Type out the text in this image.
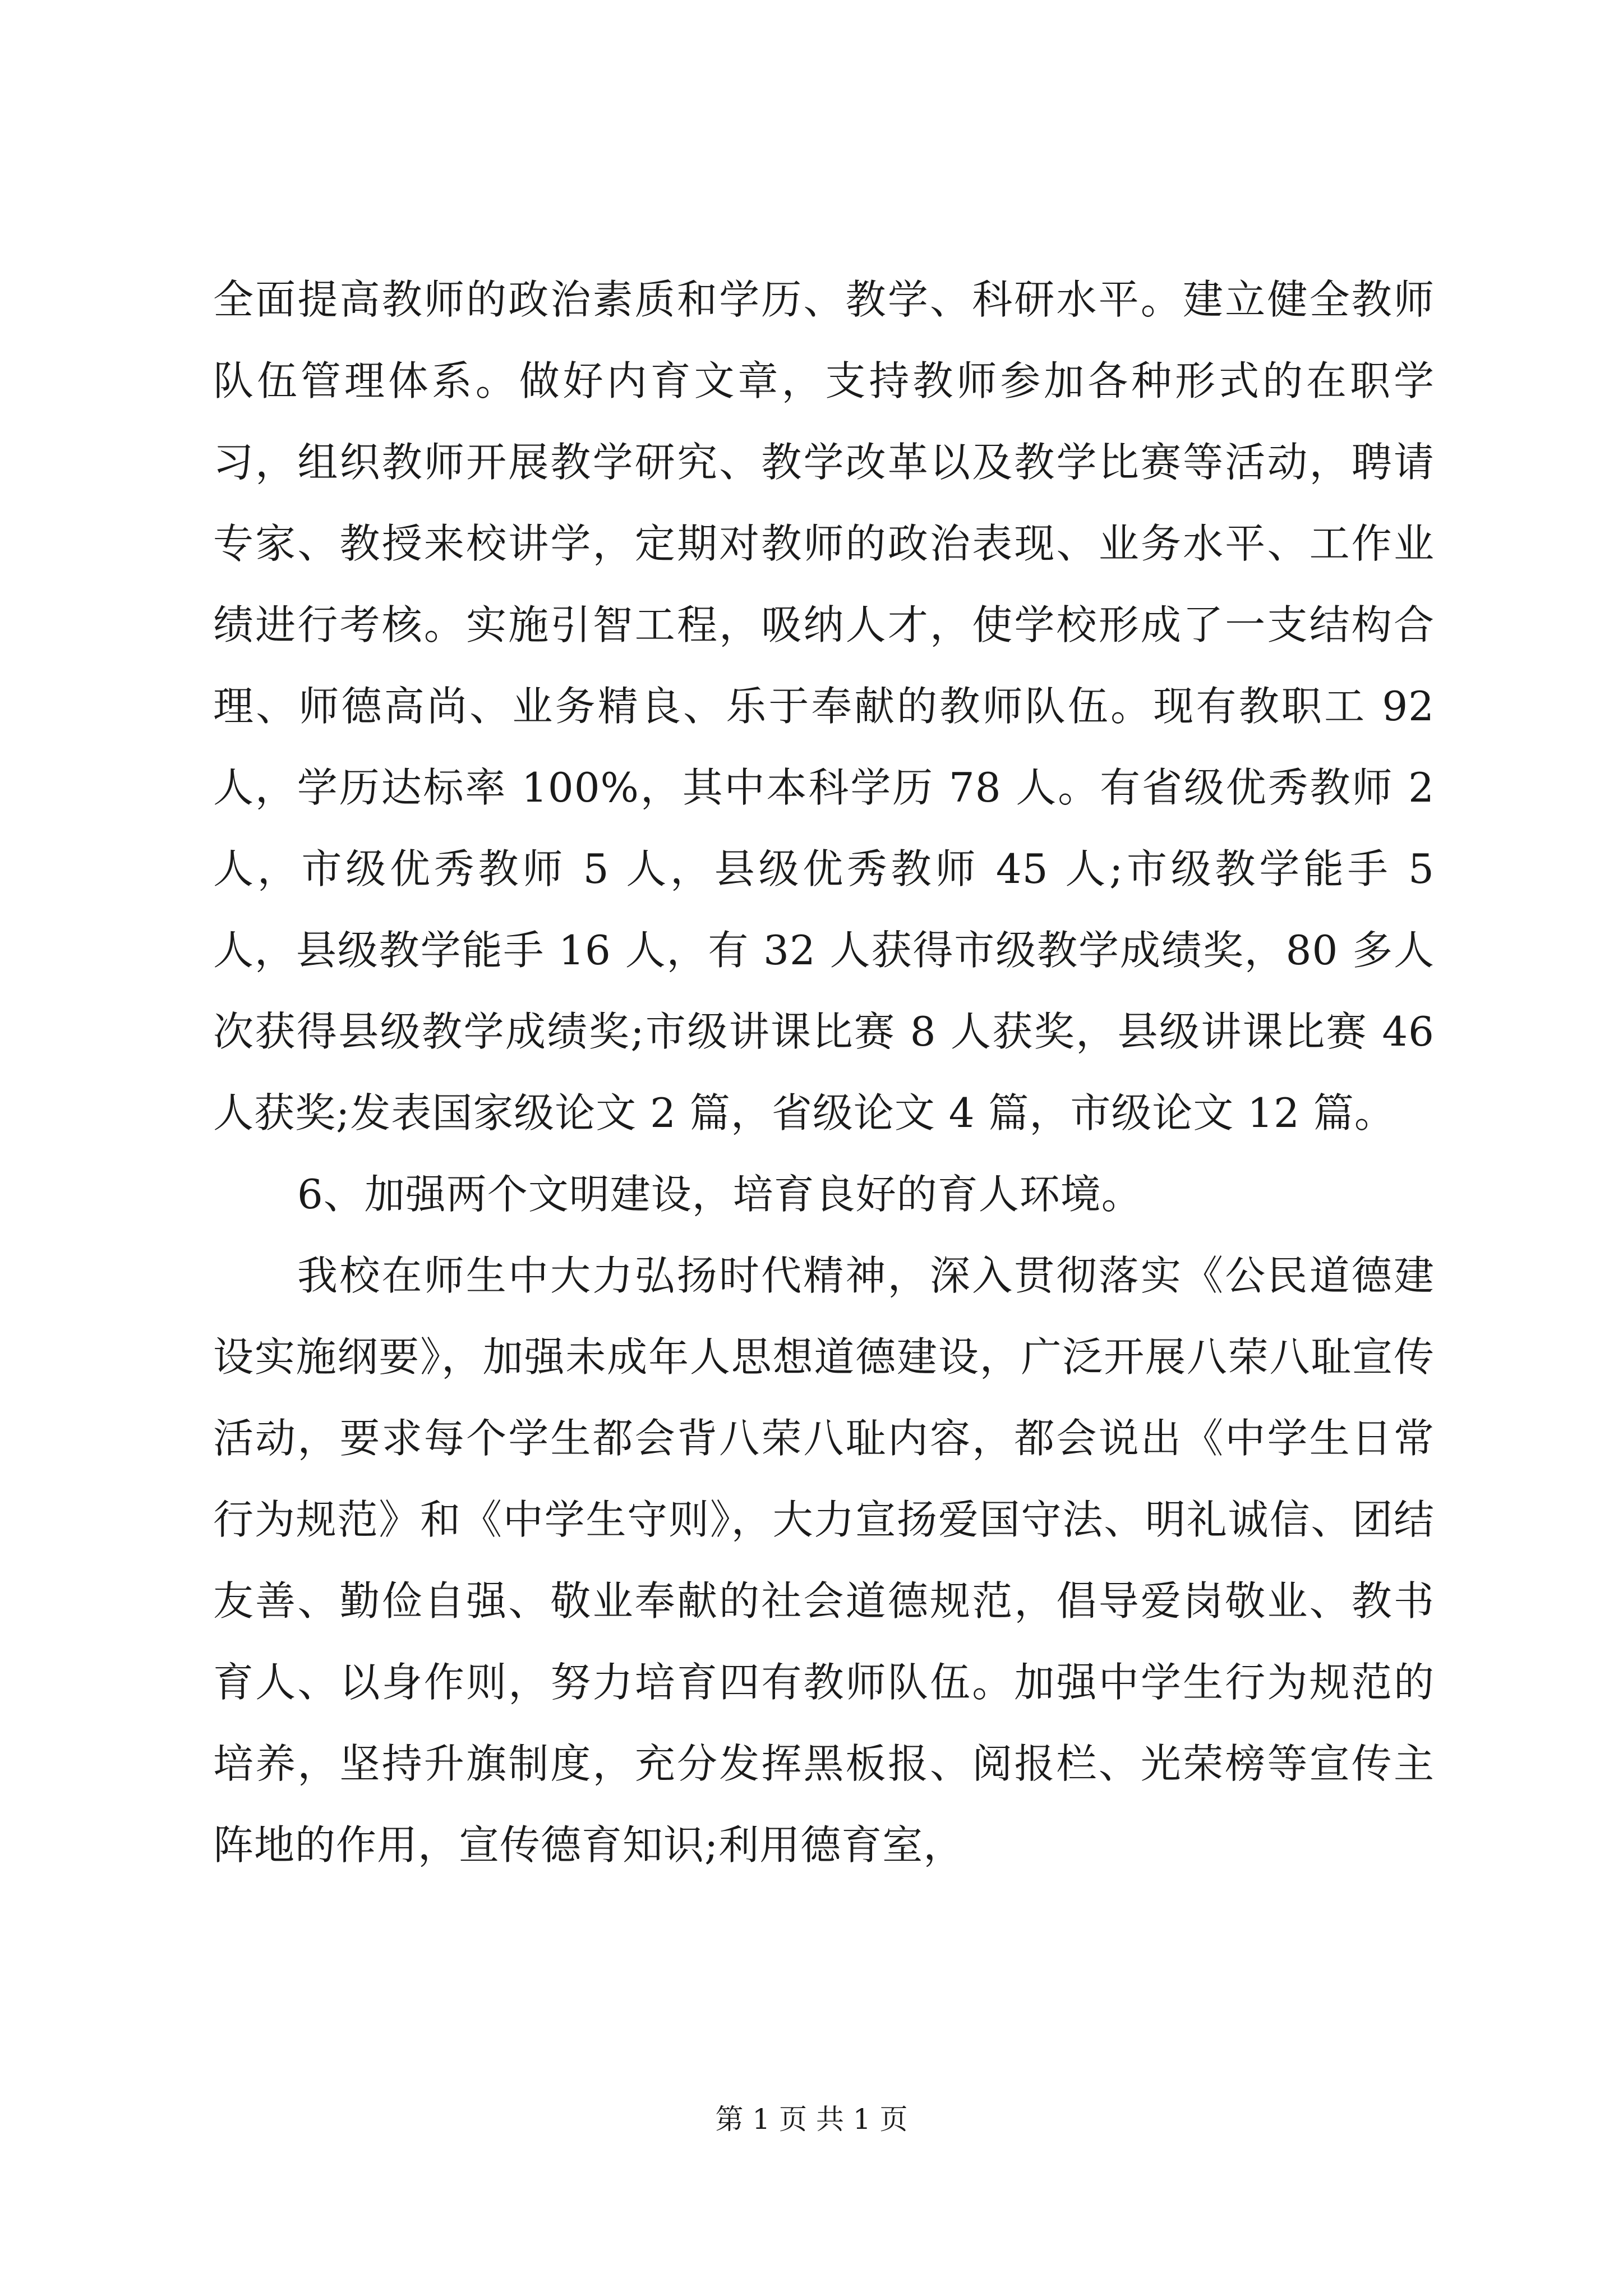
全面提高教师的政治素质和学历、教学、科研水平。建立健全教师队伍管理体系。做好内育文章，支持教师参加各种形式的在职学习，组织教师开展教学研究、教学改革以及教学比赛等活动，聘请专家、教授来校讲学，定期对教师的政治表现、业务水平、工作业绩进行考核。实施引智工程，吸纳人才，使学校形成了一支结构合理、师德高尚、业务精良、乐于奉献的教师队伍。现有教职工 92 人，学历达标率 100%，其中本科学历 78 人。有省级优秀教师 2 人，市级优秀教师 5 人，县级优秀教师 45 人;市级教学能手 5 人，县级教学能手 16 人，有 32 人获得市级教学成绩奖，80 多人次获得县级教学成绩奖;市级讲课比赛 8 人获奖，县级讲课比赛 46 人获奖;发表国家级论文 2 篇，省级论文 4 篇，市级论文 12 篇。

6、加强两个文明建设，培育良好的育人环境。

我校在师生中大力弘扬时代精神，深入贯彻落实《公民道德建设实施纲要》，加强未成年人思想道德建设，广泛开展八荣八耻宣传活动，要求每个学生都会背八荣八耻内容，都会说出《中学生日常行为规范》和《中学生守则》，大力宣扬爱国守法、明礼诚信、团结友善、勤俭自强、敬业奉献的社会道德规范，倡导爱岗敬业、教书育人、以身作则，努力培育四有教师队伍。加强中学生行为规范的培养，坚持升旗制度，充分发挥黑板报、阅报栏、光荣榜等宣传主阵地的作用，宣传德育知识;利用德育室，

第 1 页 共 1 页
